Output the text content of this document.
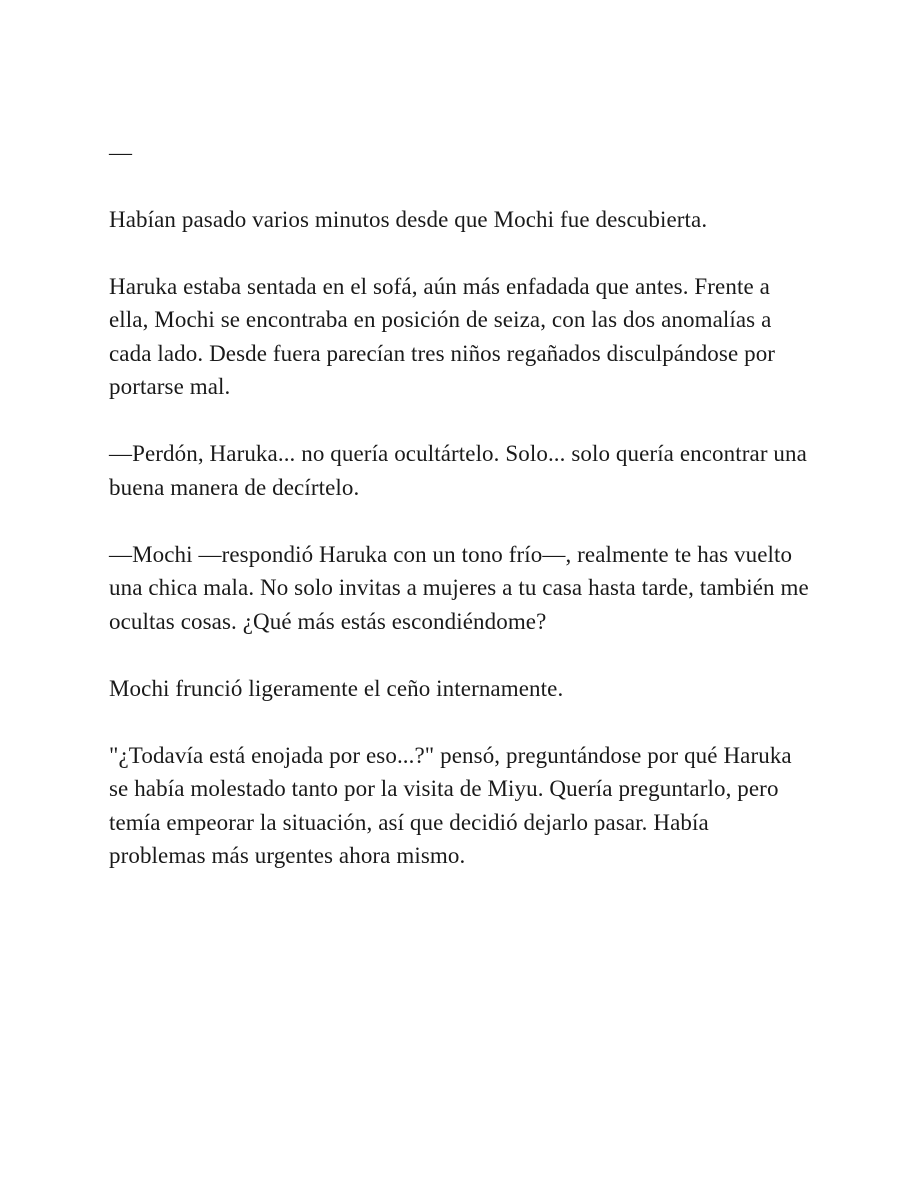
—

Habían pasado varios minutos desde que Mochi fue descubierta.

Haruka estaba sentada en el sofá, aún más enfadada que antes. Frente a ella, Mochi se encontraba en posición de seiza, con las dos anomalías a cada lado. Desde fuera parecían tres niños regañados disculpándose por portarse mal.

—Perdón, Haruka... no quería ocultártelo. Solo... solo quería encontrar una buena manera de decírtelo.

—Mochi —respondió Haruka con un tono frío—, realmente te has vuelto una chica mala. No solo invitas a mujeres a tu casa hasta tarde, también me ocultas cosas. ¿Qué más estás escondiéndome?

Mochi frunció ligeramente el ceño internamente.

"¿Todavía está enojada por eso...?" pensó, preguntándose por qué Haruka se había molestado tanto por la visita de Miyu. Quería preguntarlo, pero temía empeorar la situación, así que decidió dejarlo pasar. Había problemas más urgentes ahora mismo.
